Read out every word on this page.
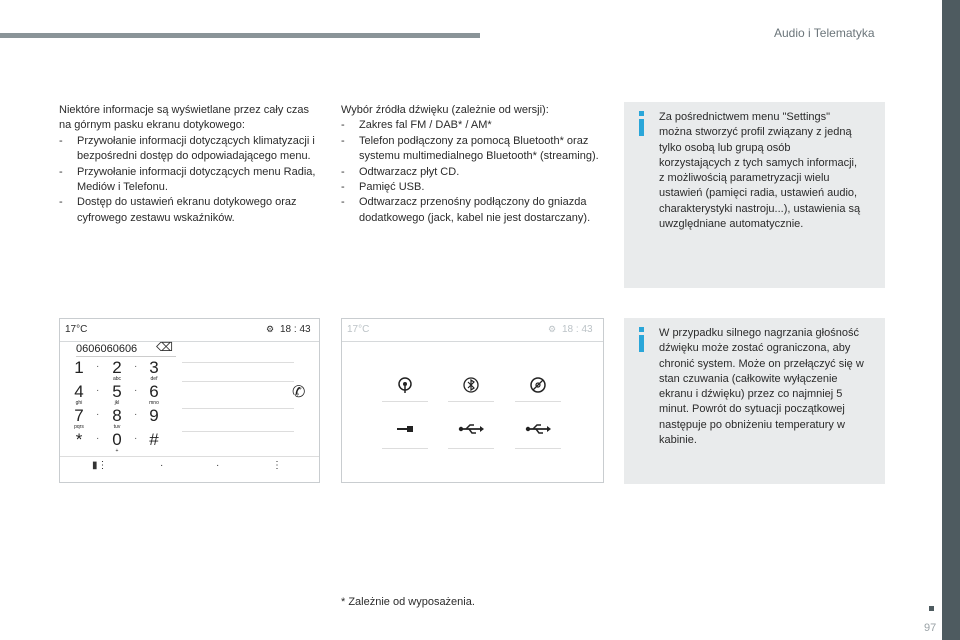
Audio i Telematyka
97

Niektóre informacje są wyświetlane przez cały czas na górnym pasku ekranu dotykowego:

- Przywołanie informacji dotyczących klimatyzacji i bezpośredni dostęp do odpowiadającego menu.
- Przywołanie informacji dotyczących menu Radia, Mediów i Telefonu.
- Dostęp do ustawień ekranu dotykowego oraz cyfrowego zestawu wskaźników.

Wybór źródła dźwięku (zależnie od wersji):

- Zakres fal FM / DAB* / AM*
- Telefon podłączony za pomocą Bluetooth* oraz systemu multimedialnego Bluetooth* (streaming).
- Odtwarzacz płyt CD.
- Pamięć USB.
- Odtwarzacz przenośny podłączony do gniazda dodatkowego (jack, kabel nie jest dostarczany).
Za pośrednictwem menu "Settings" można stworzyć profil związany z jedną tylko osobą lub grupą osób korzystających z tych samych informacji, z możliwością parametryzacji wielu ustawień (pamięci radia, ustawień audio, charakterystyki nastroju...), ustawienia są uwzględniane automatycznie.
W przypadku silnego nagrzania głośność dźwięku może zostać ograniczona, aby chronić system. Może on przełączyć się w stan czuwania (całkowite wyłączenie ekranu i dźwięku) przez co najmniej 5 minut. Powrót do sytuacji początkowej następuje po obniżeniu temperatury w kabinie.
17°C	⚙ 18 : 43
0606060606 ⌫
1	2
abc
3
def
4
ghi
5
jkl
6
mno
7
pqrs
8
tuv
9
*	0
+
#
·	·
·	·
·	·
·	·
✆
▮⋮	·	·	⋮
17°C	⚙ 18 : 43
* Zależnie od wyposażenia.
